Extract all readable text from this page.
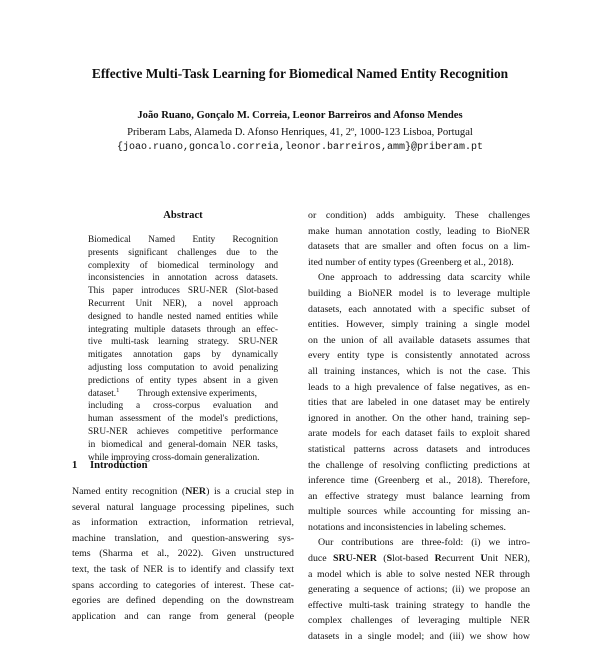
Effective Multi-Task Learning for Biomedical Named Entity Recognition
João Ruano, Gonçalo M. Correia, Leonor Barreiros and Afonso Mendes
Priberam Labs, Alameda D. Afonso Henriques, 41, 2º, 1000-123 Lisboa, Portugal
{joao.ruano,goncalo.correia,leonor.barreiros,amm}@priberam.pt
Abstract
Biomedical Named Entity Recognition
presents significant challenges due to the
complexity of biomedical terminology and
inconsistencies in annotation across datasets.
This paper introduces SRU-NER (Slot-based
Recurrent Unit NER), a novel approach
designed to handle nested named entities while
integrating multiple datasets through an effec-
tive multi-task learning strategy. SRU-NER
mitigates annotation gaps by dynamically
adjusting loss computation to avoid penalizing
predictions of entity types absent in a given
dataset.$^1$ Through extensive experiments,
including a cross-corpus evaluation and
human assessment of the model's predictions,
SRU-NER achieves competitive performance
in biomedical and general-domain NER tasks,
while improving cross-domain generalization.
1 Introduction
Named entity recognition (NER) is a crucial step in
several natural language processing pipelines, such
as information extraction, information retrieval,
machine translation, and question-answering sys-
tems (Sharma et al., 2022). Given unstructured
text, the task of NER is to identify and classify text
spans according to categories of interest. These cat-
egories are defined depending on the downstream
application and can range from general (people
or condition) adds ambiguity. These challenges
make human annotation costly, leading to BioNER
datasets that are smaller and often focus on a lim-
ited number of entity types (Greenberg et al., 2018).
One approach to addressing data scarcity while
building a BioNER model is to leverage multiple
datasets, each annotated with a specific subset of
entities. However, simply training a single model
on the union of all available datasets assumes that
every entity type is consistently annotated across
all training instances, which is not the case. This
leads to a high prevalence of false negatives, as en-
tities that are labeled in one dataset may be entirely
ignored in another. On the other hand, training sep-
arate models for each dataset fails to exploit shared
statistical patterns across datasets and introduces
the challenge of resolving conflicting predictions at
inference time (Greenberg et al., 2018). Therefore,
an effective strategy must balance learning from
multiple sources while accounting for missing an-
notations and inconsistencies in labeling schemes.
Our contributions are three-fold: (i) we intro-
duce SRU-NER (Slot-based Recurrent Unit NER),
a model which is able to solve nested NER through
generating a sequence of actions; (ii) we propose an
effective multi-task training strategy to handle the
complex challenges of leveraging multiple NER
datasets in a single model; and (iii) we show how
